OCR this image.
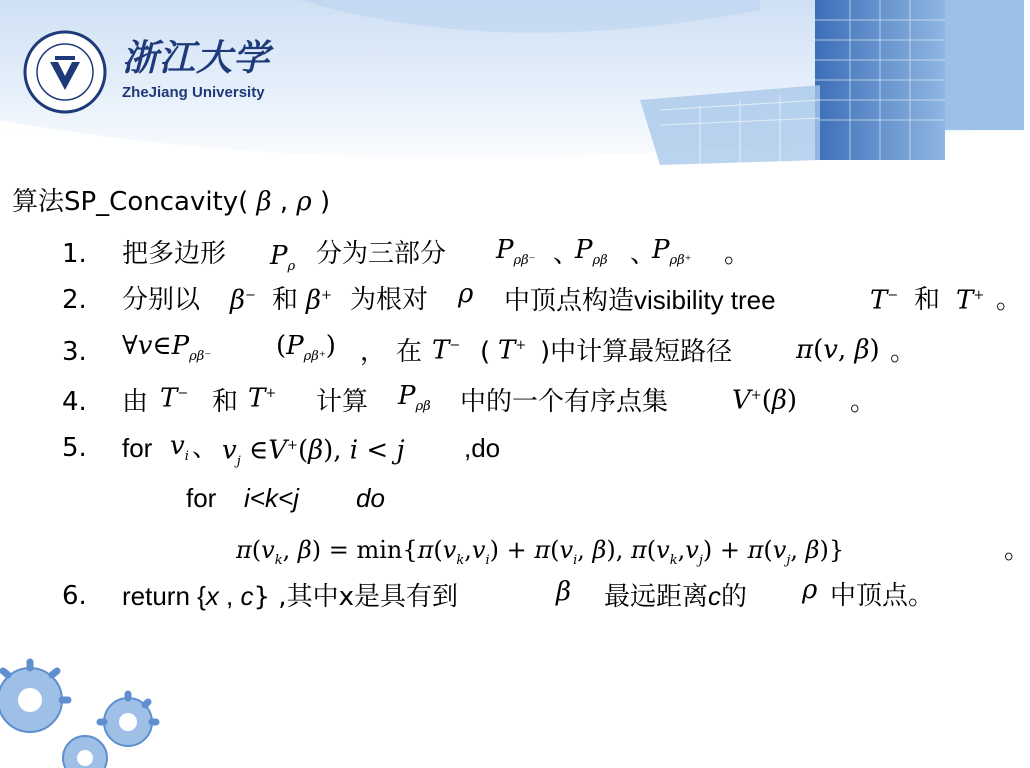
浙江大学
ZheJiang University
算法SP_Concavity( β , ρ )
1.	把多边形 $P_\rho$ 分为三部分 $P_{\rho\beta^-}$ 、
$P_{\rho\beta}$ 、
$P_{\rho\beta^+}$ 。
2.	分别以 β− 和 β+ 为根对 ρ 中顶点构造visibility tree	T− 和 T+ 。
3.	$\forall v\in P_{\rho\beta^-}$ $(P_{\rho\beta^+})$ ， 在 T− ( T+ )中计算最短路径 π(v, β) 。
4.	由 T− 和 T+ 计算 $P_{\rho\beta}$ 中的一个有序点集 V+(β) 。
5.	for $v_i$ 、 $v_j$ ∈V+(β), i < j ,do
for i<k<j do
$\pi(v_k$, $\beta) = \min\{\pi(v_k,v_i) + \pi(v_i$, β), $\pi(v_k,v_j) + \pi(v_j$, β)}	。
6.	return {x , c} ,其中x是具有到	β 最远距离c的 ρ 中顶点。
